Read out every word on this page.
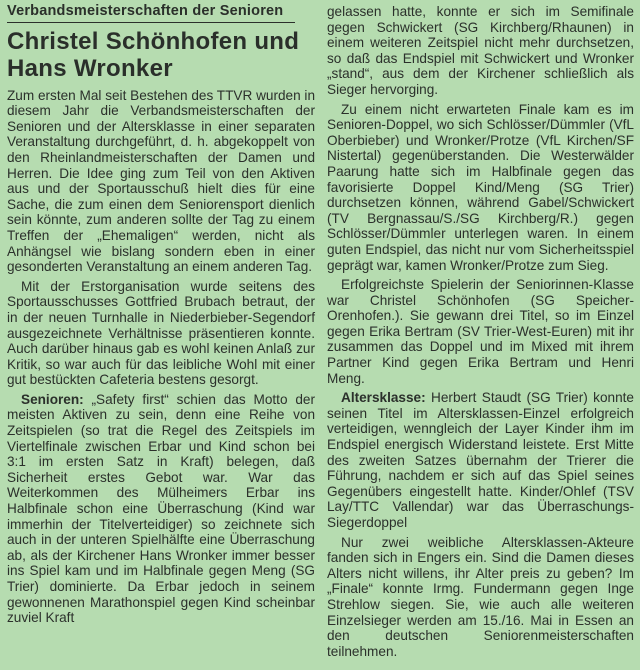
Verbandsmeisterschaften der Senioren
Christel Schönhofen und Hans Wronker

Zum ersten Mal seit Bestehen des TTVR wurden in diesem Jahr die Verbandsmeisterschaften der Senioren und der Altersklasse in einer separaten Veranstaltung durchgeführt, d. h. abgekoppelt von den Rheinlandmeisterschaften der Damen und Herren. Die Idee ging zum Teil von den Aktiven aus und der Sportausschuß hielt dies für eine Sache, die zum einen dem Seniorensport dienlich sein könnte, zum anderen sollte der Tag zu einem Treffen der „Ehemaligen“ werden, nicht als Anhängsel wie bislang sondern eben in einer gesonderten Veranstaltung an einem anderen Tag.

Mit der Erstorganisation wurde seitens des Sportausschusses Gottfried Brubach betraut, der in der neuen Turnhalle in Niederbieber-Segendorf ausgezeichnete Verhältnisse präsentieren konnte. Auch darüber hinaus gab es wohl keinen Anlaß zur Kritik, so war auch für das leibliche Wohl mit einer gut bestückten Cafeteria bestens gesorgt.

Senioren: „Safety first“ schien das Motto der meisten Aktiven zu sein, denn eine Reihe von Zeitspielen (so trat die Regel des Zeitspiels im Viertelfinale zwischen Erbar und Kind schon bei 3:1 im ersten Satz in Kraft) belegen, daß Sicherheit erstes Gebot war. War das Weiterkommen des Mülheimers Erbar ins Halbfinale schon eine Überraschung (Kind war immerhin der Titelverteidiger) so zeichnete sich auch in der unteren Spielhälfte eine Überraschung ab, als der Kirchener Hans Wronker immer besser ins Spiel kam und im Halbfinale gegen Meng (SG Trier) dominierte. Da Erbar jedoch in seinem gewonnenen Marathonspiel gegen Kind scheinbar zuviel Kraft

gelassen hatte, konnte er sich im Semifinale gegen Schwickert (SG Kirchberg/Rhaunen) in einem weiteren Zeitspiel nicht mehr durchsetzen, so daß das Endspiel mit Schwickert und Wronker „stand“, aus dem der Kirchener schließlich als Sieger hervorging.

Zu einem nicht erwarteten Finale kam es im Senioren-Doppel, wo sich Schlösser/Dümmler (VfL Oberbieber) und Wronker/Protze (VfL Kirchen/SF Nistertal) gegenüberstanden. Die Westerwälder Paarung hatte sich im Halbfinale gegen das favorisierte Doppel Kind/Meng (SG Trier) durchsetzen können, während Gabel/Schwickert (TV Bergnassau/S./SG Kirchberg/R.) gegen Schlösser/Dümmler unterlegen waren. In einem guten Endspiel, das nicht nur vom Sicherheitsspiel geprägt war, kamen Wronker/Protze zum Sieg.

Erfolgreichste Spielerin der Seniorinnen-Klasse war Christel Schönhofen (SG Speicher-Orenhofen.). Sie gewann drei Titel, so im Einzel gegen Erika Bertram (SV Trier-West-Euren) mit ihr zusammen das Doppel und im Mixed mit ihrem Partner Kind gegen Erika Bertram und Henri Meng.

Altersklasse: Herbert Staudt (SG Trier) konnte seinen Titel im Altersklassen-Einzel erfolgreich verteidigen, wenngleich der Layer Kinder ihm im Endspiel energisch Widerstand leistete. Erst Mitte des zweiten Satzes übernahm der Trierer die Führung, nachdem er sich auf das Spiel seines Gegenübers eingestellt hatte. Kinder/Ohlef (TSV Lay/TTC Vallendar) war das Überraschungs-Siegerdoppel

Nur zwei weibliche Altersklassen-Akteure fanden sich in Engers ein. Sind die Damen dieses Alters nicht willens, ihr Alter preis zu geben? Im „Finale“ konnte Irmg. Fundermann gegen Inge Strehlow siegen. Sie, wie auch alle weiteren Einzelsieger werden am 15./16. Mai in Essen an den deutschen Seniorenmeisterschaften teilnehmen.
